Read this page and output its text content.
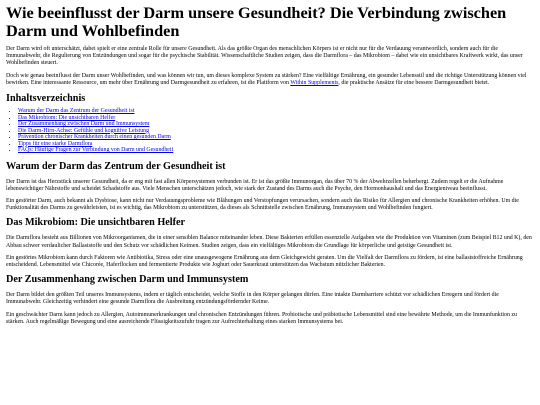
Wie beeinflusst der Darm unsere Gesundheit? Die Verbindung zwischen Darm und Wohlbefinden

Der Darm wird oft unterschätzt, dabei spielt er eine zentrale Rolle für unsere Gesundheit. Als das größte Organ des menschlichen Körpers ist er nicht nur für die Verdauung verantwortlich, sondern auch für die Immunabwehr, die Regulierung von Entzündungen und sogar für die psychische Stabilität. Wissenschaftliche Studien zeigen, dass die Darmflora – das Mikrobiom – dabei wie ein unsichtbares Kraftwerk wirkt, das unser Wohlbefinden steuert.

Doch wie genau beeinflusst der Darm unser Wohlbefinden, und was können wir tun, um dieses komplexe System zu stärken? Eine vielfältige Ernährung, ein gesunder Lebensstil und die richtige Unterstützung können viel bewirken. Eine interessante Ressource, um mehr über Ernährung und Darmgesundheit zu erfahren, ist die Plattform von Within Supplements, die praktische Ansätze für eine bessere Darmgesundheit bietet.

Inhaltsverzeichnis
• Warum der Darm das Zentrum der Gesundheit ist
• Das Mikrobiom: Die unsichtbaren Helfer
• Der Zusammenhang zwischen Darm und Immunsystem
• Die Darm-Hirn-Achse: Gefühle und kognitive Leistung
• Prävention chronischer Krankheiten durch einen gesunden Darm
• Tipps für eine starke Darmflora
• FAQs: Häufige Fragen zur Verbindung von Darm und Gesundheit
Warum der Darm das Zentrum der Gesundheit ist

Der Darm ist das Herzstück unserer Gesundheit, da er eng mit fast allen Körpersystemen verbunden ist. Er ist das größte Immunorgan, das über 70 % der Abwehrzellen beherbergt. Zudem regelt er die Aufnahme lebenswichtiger Nährstoffe und scheidet Schadstoffe aus. Viele Menschen unterschätzen jedoch, wie stark der Zustand des Darms auch die Psyche, den Hormonhaushalt und das Energieniveau beeinflusst.

Ein gestörter Darm, auch bekannt als Dysbiose, kann nicht nur Verdauungsprobleme wie Blähungen und Verstopfungen verursachen, sondern auch das Risiko für Allergien und chronische Krankheiten erhöhen. Um die Funktionalität des Darms zu gewährleisten, ist es wichtig, das Mikrobiom zu unterstützen, da dieses als Schnittstelle zwischen Ernährung, Immunsystem und Wohlbefinden fungiert.

Das Mikrobiom: Die unsichtbaren Helfer

Die Darmflora besteht aus Billionen von Mikroorganismen, die in einer sensiblen Balance miteinander leben. Diese Bakterien erfüllen essenzielle Aufgaben wie die Produktion von Vitaminen (zum Beispiel B12 und K), den Abbau schwer verdaulicher Ballaststoffe und den Schutz vor schädlichen Keimen. Studien zeigen, dass ein vielfältiges Mikrobiom die Grundlage für körperliche und geistige Gesundheit ist.

Ein gestörtes Mikrobiom kann durch Faktoren wie Antibiotika, Stress oder eine unausgewogene Ernährung aus dem Gleichgewicht geraten. Um die Vielfalt der Darmflora zu fördern, ist eine ballaststoffreiche Ernährung entscheidend. Lebensmittel wie Chicorée, Haferflocken und fermentierte Produkte wie Joghurt oder Sauerkraut unterstützen das Wachstum nützlicher Bakterien.

Der Zusammenhang zwischen Darm und Immunsystem

Der Darm bildet den größten Teil unseres Immunsystems, indem er täglich entscheidet, welche Stoffe in den Körper gelangen dürfen. Eine intakte Darmbarriere schützt vor schädlichen Erregern und fördert die Immunabwehr. Gleichzeitig verhindert eine gesunde Darmflora die Ausbreitung entzündungsfördernder Keime.

Ein geschwächter Darm kann jedoch zu Allergien, Autoimmunerkrankungen und chronischen Entzündungen führen. Probiotische und präbiotische Lebensmittel sind eine bewährte Methode, um die Immunfunktion zu stärken. Auch regelmäßige Bewegung und eine ausreichende Flüssigkeitszufuhr tragen zur Aufrechterhaltung eines starken Immunsystems bei.
